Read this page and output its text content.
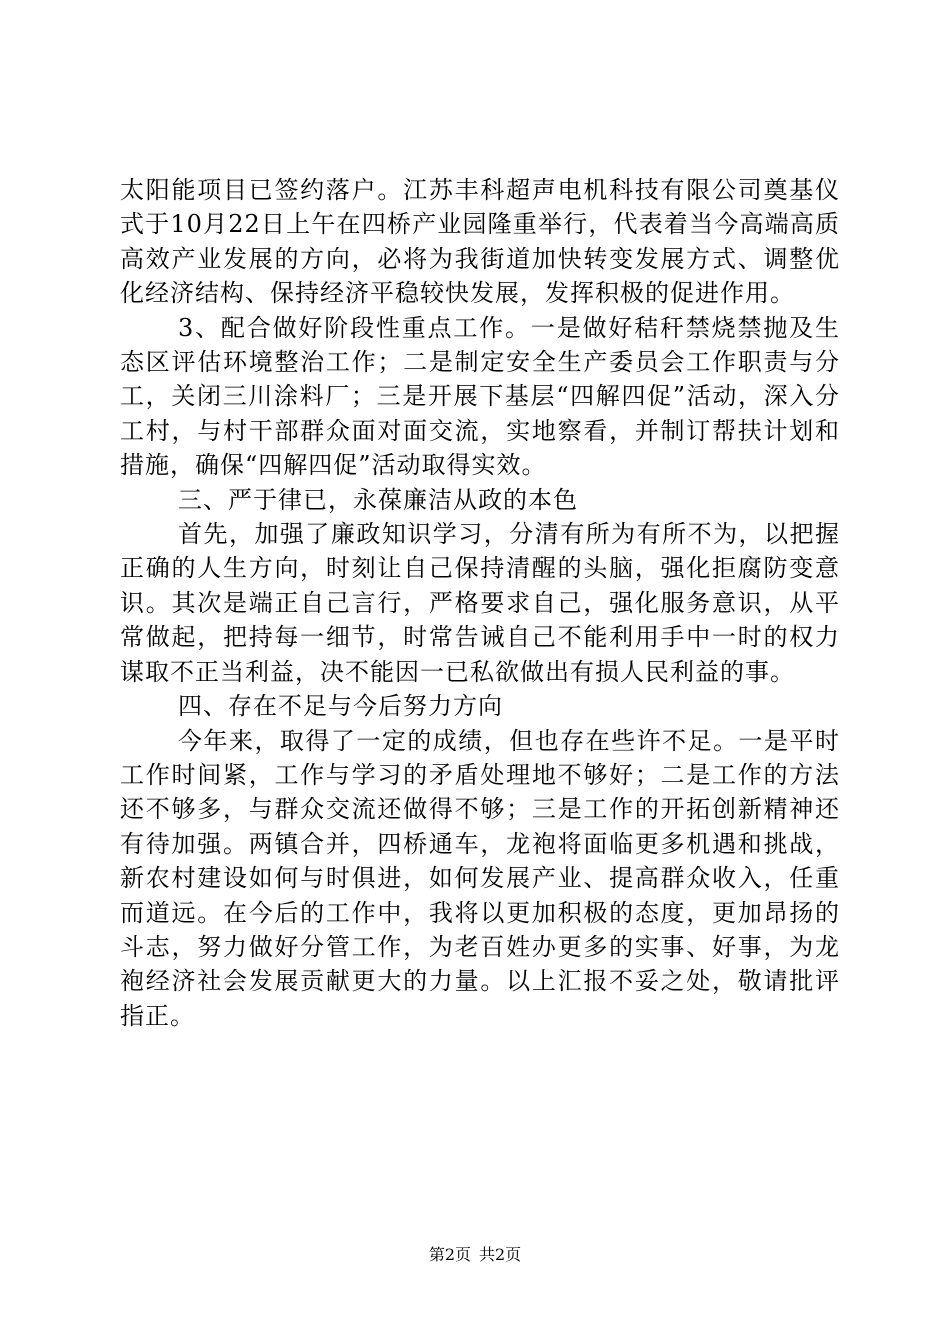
太阳能项目已签约落户。江苏丰科超声电机科技有限公司奠基仪式于10月22日上午在四桥产业园隆重举行，代表着当今高端高质高效产业发展的方向，必将为我街道加快转变发展方式、调整优化经济结构、保持经济平稳较快发展，发挥积极的促进作用。

3、配合做好阶段性重点工作。一是做好秸秆禁烧禁抛及生态区评估环境整治工作；二是制定安全生产委员会工作职责与分工，关闭三川涂料厂；三是开展下基层“四解四促”活动，深入分工村，与村干部群众面对面交流，实地察看，并制订帮扶计划和措施，确保“四解四促”活动取得实效。

三、严于律已，永葆廉洁从政的本色

首先，加强了廉政知识学习，分清有所为有所不为，以把握正确的人生方向，时刻让自己保持清醒的头脑，强化拒腐防变意识。其次是端正自己言行，严格要求自己，强化服务意识，从平常做起，把持每一细节，时常告诫自己不能利用手中一时的权力谋取不正当利益，决不能因一已私欲做出有损人民利益的事。

四、存在不足与今后努力方向

今年来，取得了一定的成绩，但也存在些许不足。一是平时工作时间紧，工作与学习的矛盾处理地不够好；二是工作的方法还不够多，与群众交流还做得不够；三是工作的开拓创新精神还有待加强。两镇合并，四桥通车，龙袍将面临更多机遇和挑战，新农村建设如何与时俱进，如何发展产业、提高群众收入，任重而道远。在今后的工作中，我将以更加积极的态度，更加昂扬的斗志，努力做好分管工作，为老百姓办更多的实事、好事，为龙袍经济社会发展贡献更大的力量。以上汇报不妥之处，敬请批评指正。

第2页 共2页
